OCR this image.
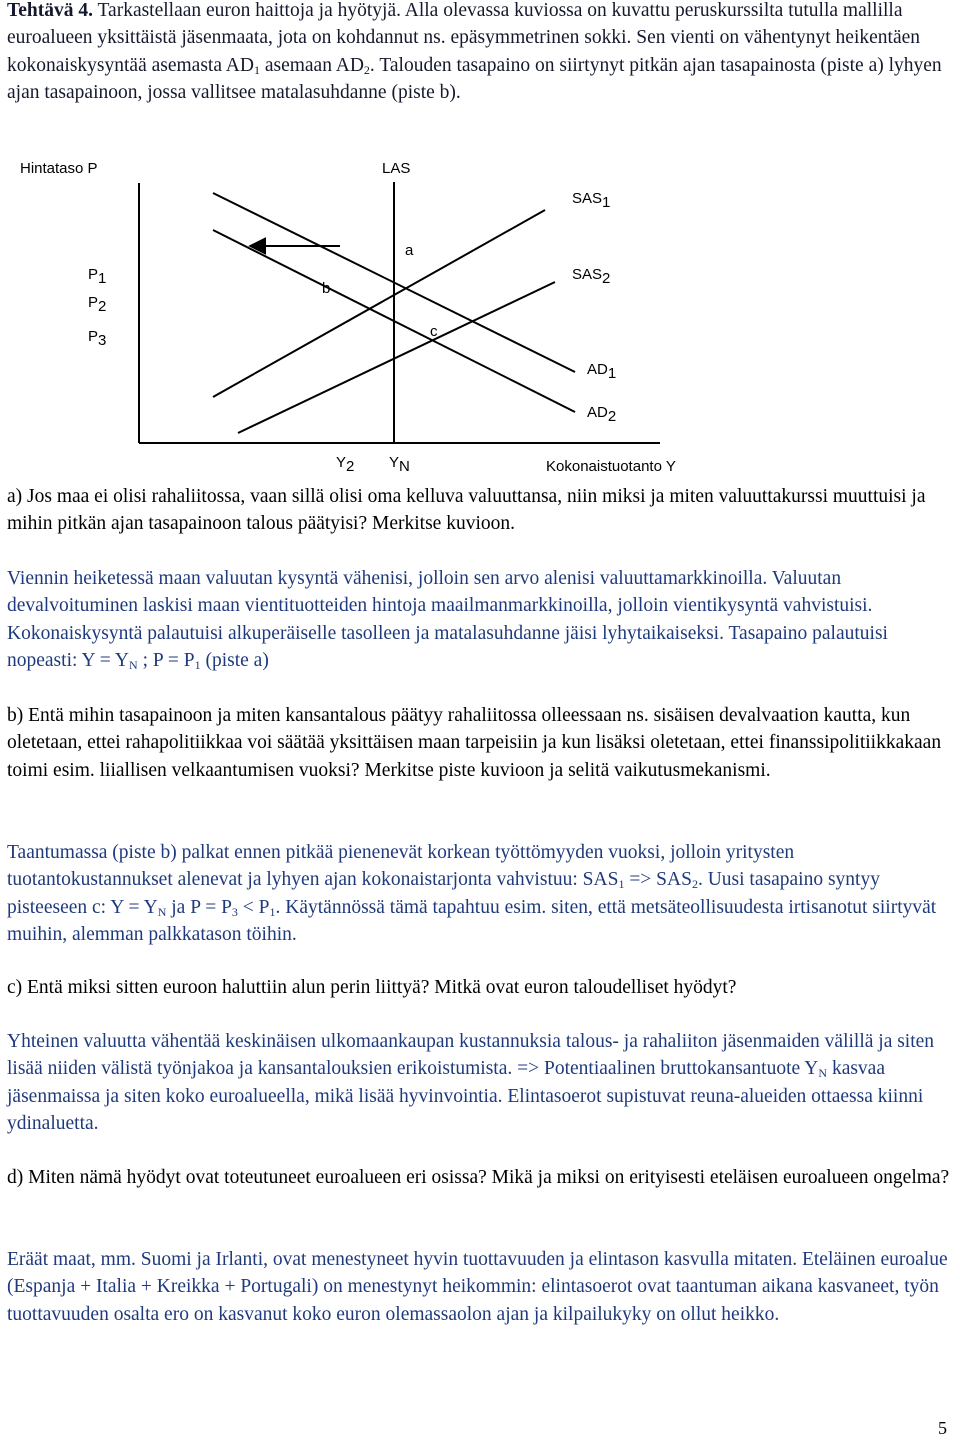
Tehtävä 4. Tarkastellaan euron haittoja ja hyötyjä. Alla olevassa kuviossa on kuvattu peruskurssilta tutulla mallilla euroalueen yksittäistä jäsenmaata, jota on kohdannut ns. epäsymmetrinen sokki. Sen vienti on vähentynyt heikentäen kokonaiskysyntää asemasta $AD_1$ asemaan $AD_2$. Talouden tasapaino on siirtynyt pitkän ajan tasapainosta (piste a) lyhyen ajan tasapainoon, jossa vallitsee matalasuhdanne (piste b).

Hintataso P	LAS
SAS1
SAS2
AD1
AD2
P1
P2
P3
a
b
c
Y2 YN	Kokonaistuotanto Y

a) Jos maa ei olisi rahaliitossa, vaan sillä olisi oma kelluva valuuttansa, niin miksi ja miten valuuttakurssi muuttuisi ja mihin pitkän ajan tasapainoon talous päätyisi? Merkitse kuvioon.

Viennin heiketessä maan valuutan kysyntä vähenisi, jolloin sen arvo alenisi valuuttamarkkinoilla. Valuutan devalvoituminen laskisi maan vientituotteiden hintoja maailmanmarkkinoilla, jolloin vientikysyntä vahvistuisi. Kokonaiskysyntä palautuisi alkuperäiselle tasolleen ja matalasuhdanne jäisi lyhytaikaiseksi. Tasapaino palautuisi nopeasti: $Y = Y_N$ ; $P = P_1$ (piste a)

b) Entä mihin tasapainoon ja miten kansantalous päätyy rahaliitossa olleessaan ns. sisäisen devalvaation kautta, kun oletetaan, ettei rahapolitiikkaa voi säätää yksittäisen maan tarpeisiin ja kun lisäksi oletetaan, ettei finanssipolitiikkakaan toimi esim. liiallisen velkaantumisen vuoksi? Merkitse piste kuvioon ja selitä vaikutusmekanismi.

Taantumassa (piste b) palkat ennen pitkää pienenevät korkean työttömyyden vuoksi, jolloin yritysten tuotantokustannukset alenevat ja lyhyen ajan kokonaistarjonta vahvistuu: $SAS_1 => SAS_2$. Uusi tasapaino syntyy pisteeseen c: $Y = Y_N$ ja $P = P_3 < P_1$. Käytännössä tämä tapahtuu esim. siten, että metsäteollisuudesta irtisanotut siirtyvät muihin, alemman palkkatason töihin.

c) Entä miksi sitten euroon haluttiin alun perin liittyä? Mitkä ovat euron taloudelliset hyödyt?

Yhteinen valuutta vähentää keskinäisen ulkomaankaupan kustannuksia talous- ja rahaliiton jäsenmaiden välillä ja siten lisää niiden välistä työnjakoa ja kansantalouksien erikoistumista. => Potentiaalinen bruttokansantuote $Y_N$ kasvaa jäsenmaissa ja siten koko euroalueella, mikä lisää hyvinvointia. Elintasoerot supistuvat reuna-alueiden ottaessa kiinni ydinaluetta.

d) Miten nämä hyödyt ovat toteutuneet euroalueen eri osissa? Mikä ja miksi on erityisesti eteläisen euroalueen ongelma?

Eräät maat, mm. Suomi ja Irlanti, ovat menestyneet hyvin tuottavuuden ja elintason kasvulla mitaten. Eteläinen euroalue (Espanja + Italia + Kreikka + Portugali) on menestynyt heikommin: elintasoerot ovat taantuman aikana kasvaneet, työn tuottavuuden osalta ero on kasvanut koko euron olemassaolon ajan ja kilpailukyky on ollut heikko.

5
